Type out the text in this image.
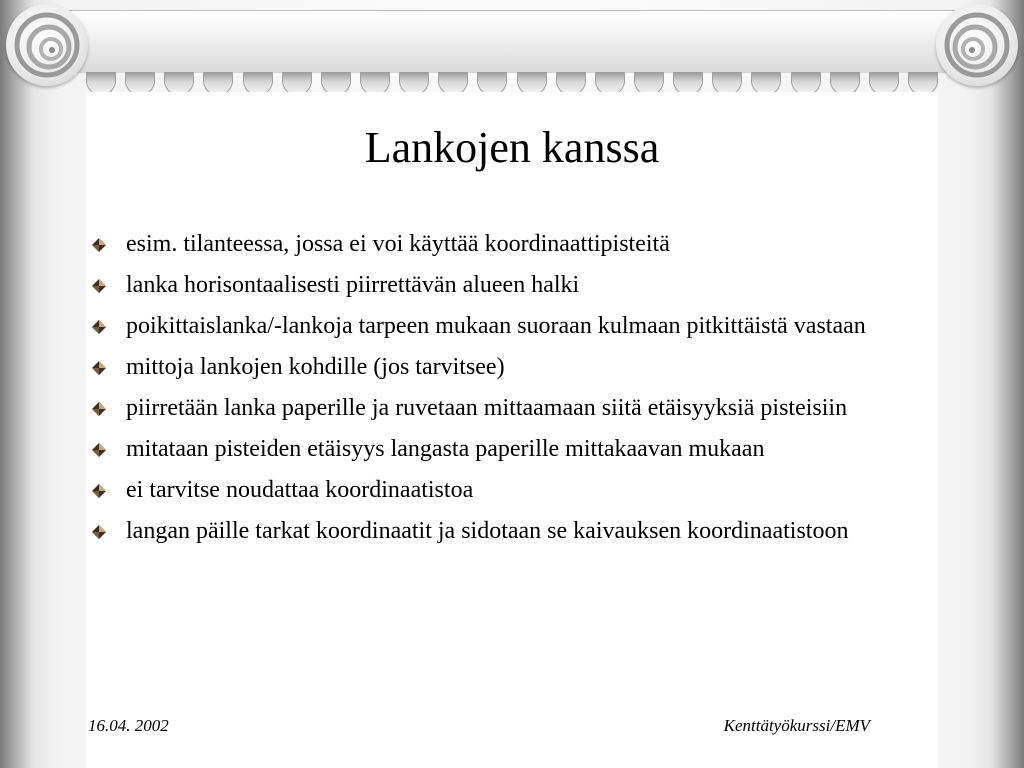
Lankojen kanssa
esim. tilanteessa, jossa ei voi käyttää koordinaattipisteitä
lanka horisontaalisesti piirrettävän alueen halki
poikittaislanka/-lankoja tarpeen mukaan suoraan kulmaan pitkittäistä vastaan
mittoja lankojen kohdille (jos tarvitsee)
piirretään lanka paperille ja ruvetaan mittaamaan siitä etäisyyksiä pisteisiin
mitataan pisteiden etäisyys langasta paperille mittakaavan mukaan
ei tarvitse noudattaa koordinaatistoa
langan päille tarkat koordinaatit ja sidotaan se kaivauksen koordinaatistoon
16.04. 2002	Kenttätyökurssi/EMV
